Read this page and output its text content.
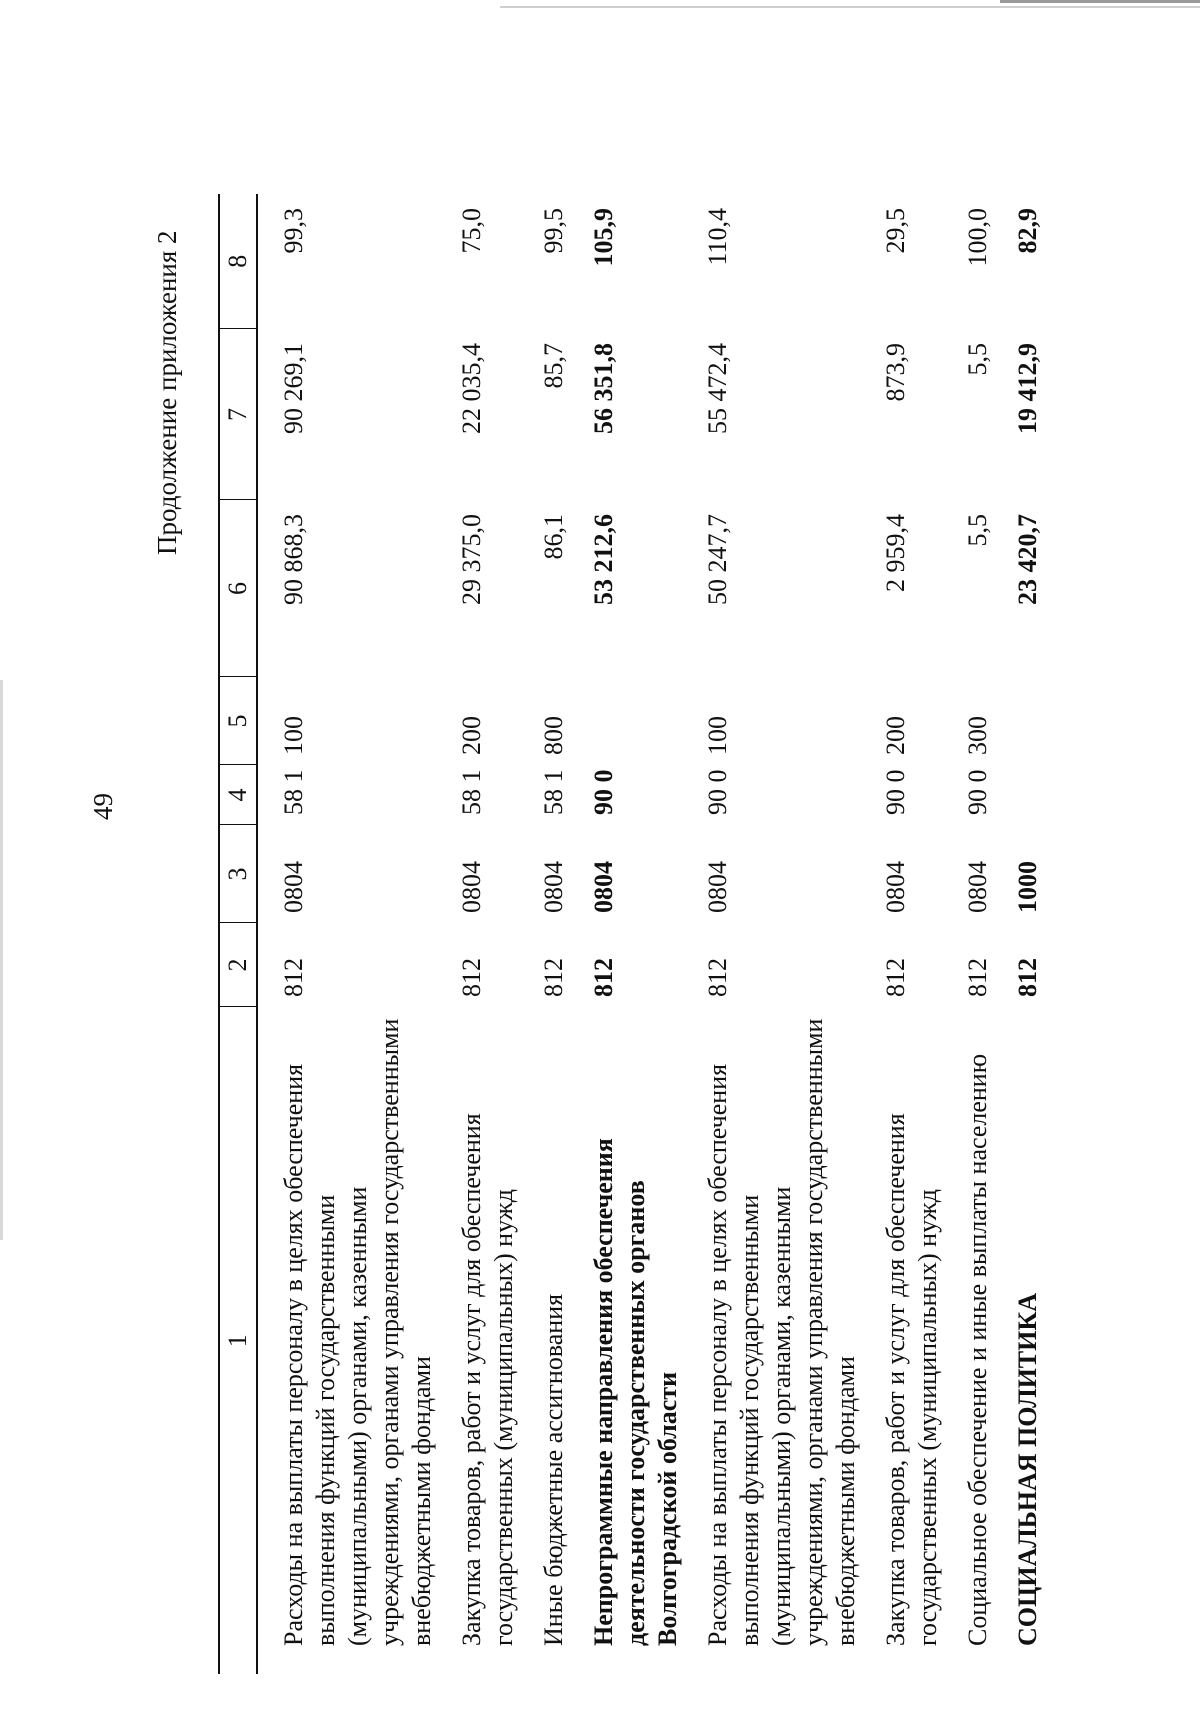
49
Продолжение приложения 2
1	2	3	4	5	6	7	8
Расходы на выплаты персоналу в целях обеспечения выполнения функций государственными (муниципальными) органами, казенными учреждениями, органами управления государственными внебюджетными фондами	812	0804	58 1	100	90 868,3	90 269,1	99,3
Закупка товаров, работ и услуг для обеспечения государственных (муниципальных) нужд	812	0804	58 1	200	29 375,0	22 035,4	75,0
Иные бюджетные ассигнования	812	0804	58 1	800	86,1	85,7	99,5
Непрограммные направления обеспечения деятельности государственных органов Волгоградской области	812	0804	90 0		53 212,6	56 351,8	105,9
Расходы на выплаты персоналу в целях обеспечения выполнения функций государственными (муниципальными) органами, казенными учреждениями, органами управления государственными внебюджетными фондами	812	0804	90 0	100	50 247,7	55 472,4	110,4
Закупка товаров, работ и услуг для обеспечения государственных (муниципальных) нужд	812	0804	90 0	200	2 959,4	873,9	29,5
Социальное обеспечение и иные выплаты населению	812	0804	90 0	300	5,5	5,5	100,0
СОЦИАЛЬНАЯ ПОЛИТИКА	812	1000			23 420,7	19 412,9	82,9
